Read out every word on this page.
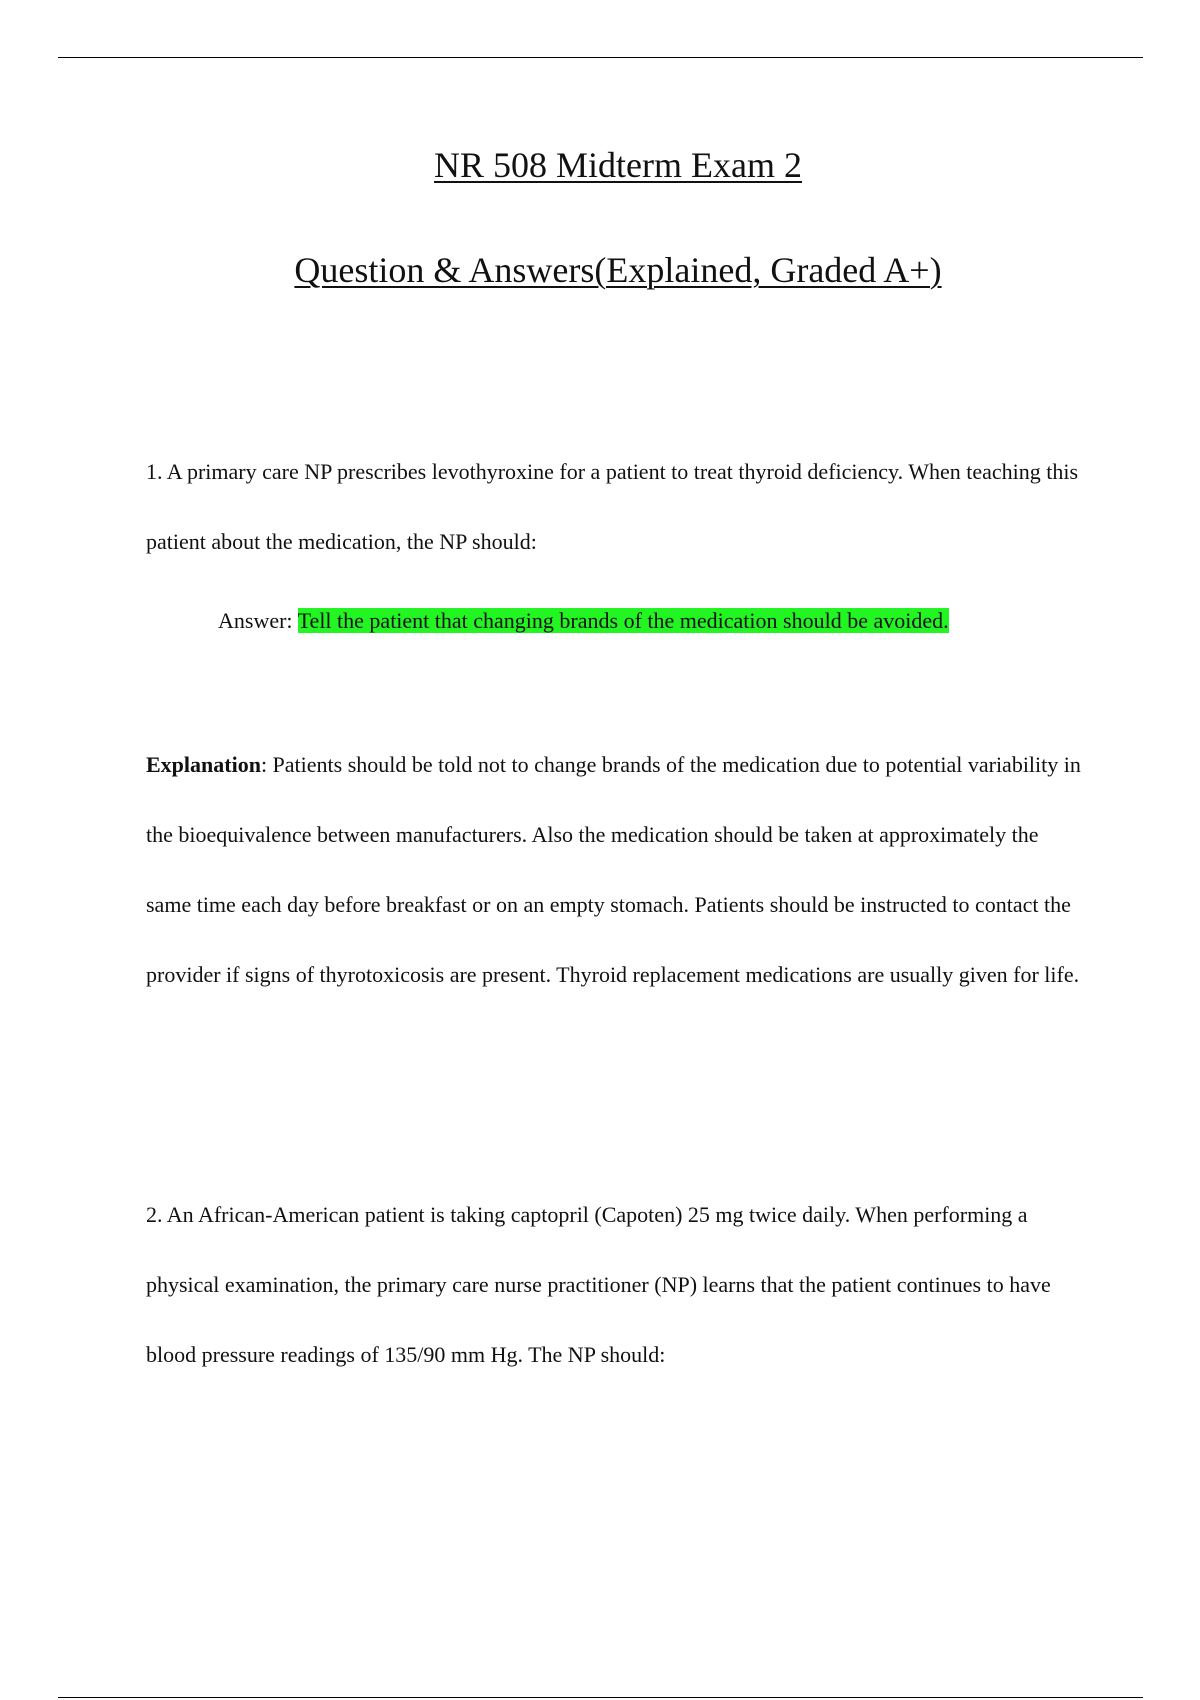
NR 508 Midterm Exam 2
Question & Answers(Explained, Graded A+)

1. A primary care NP prescribes levothyroxine for a patient to treat thyroid deficiency. When teaching this patient about the medication, the NP should:

Answer: Tell the patient that changing brands of the medication should be avoided.

Explanation: Patients should be told not to change brands of the medication due to potential variability in the bioequivalence between manufacturers. Also the medication should be taken at approximately the same time each day before breakfast or on an empty stomach. Patients should be instructed to contact the provider if signs of thyrotoxicosis are present. Thyroid replacement medications are usually given for life.

2. An African-American patient is taking captopril (Capoten) 25 mg twice daily. When performing a physical examination, the primary care nurse practitioner (NP) learns that the patient continues to have blood pressure readings of 135/90 mm Hg. The NP should:
